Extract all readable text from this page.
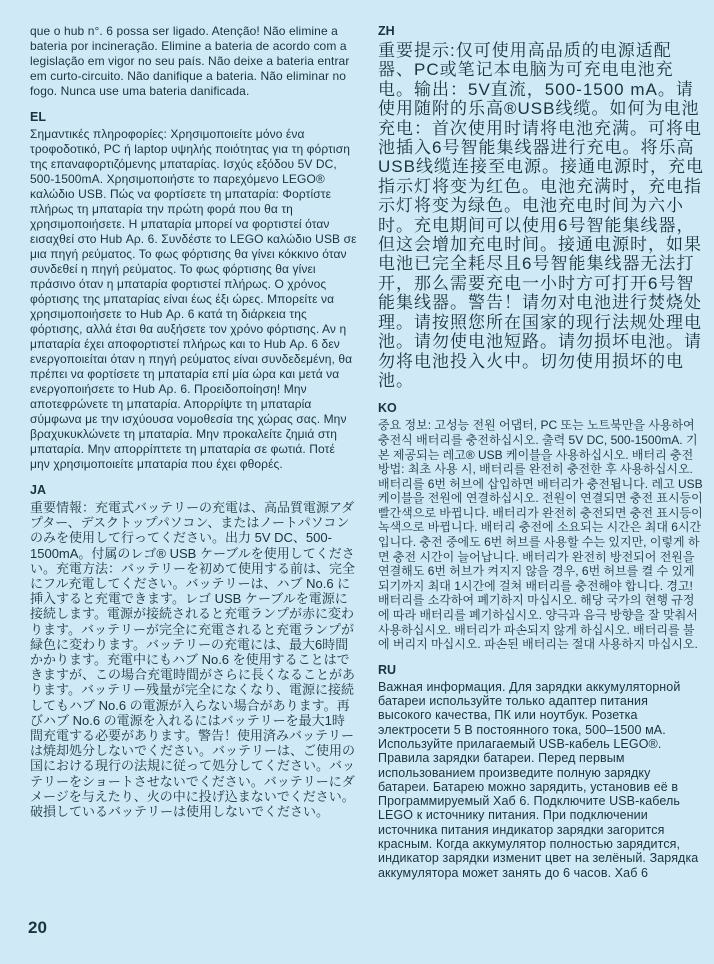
que o hub n°. 6 possa ser ligado. Atenção! Não elimine a bateria por incineração. Elimine a bateria de acordo com a legislação em vigor no seu país. Não deixe a bateria entrar em curto-circuito. Não danifique a bateria. Não eliminar no fogo. Nunca use uma bateria danificada.

EL

Σημαντικές πληροφορίες: Χρησιμοποιείτε μόνο ένα τροφοδοτικό, PC ή laptop υψηλής ποιότητας για τη φόρτιση της επαναφορτιζόμενης μπαταρίας. Ισχύς εξόδου 5V DC, 500-1500mA. Χρησιμοποιήστε το παρεχόμενο LEGO® καλώδιο USB. Πώς να φορτίσετε τη μπαταρία: Φορτίστε πλήρως τη μπαταρία την πρώτη φορά που θα τη χρησιμοποιήσετε. Η μπαταρία μπορεί να φορτιστεί όταν εισαχθεί στο Hub Αρ. 6. Συνδέστε το LEGO καλώδιο USB σε μια πηγή ρεύματος. Το φως φόρτισης θα γίνει κόκκινο όταν συνδεθεί η πηγή ρεύματος. Το φως φόρτισης θα γίνει πράσινο όταν η μπαταρία φορτιστεί πλήρως. Ο χρόνος φόρτισης της μπαταρίας είναι έως έξι ώρες. Μπορείτε να χρησιμοποιήσετε το Hub Αρ. 6 κατά τη διάρκεια της φόρτισης, αλλά έτσι θα αυξήσετε τον χρόνο φόρτισης. Αν η μπαταρία έχει αποφορτιστεί πλήρως και το Hub Αρ. 6 δεν ενεργοποιείται όταν η πηγή ρεύματος είναι συνδεδεμένη, θα πρέπει να φορτίσετε τη μπαταρία επί μία ώρα και μετά να ενεργοποιήσετε το Hub Αρ. 6. Προειδοποίηση! Μην αποτεφρώνετε τη μπαταρία. Απορρίψτε τη μπαταρία σύμφωνα με την ισχύουσα νομοθεσία της χώρας σας. Μην βραχυκυκλώνετε τη μπαταρία. Μην προκαλείτε ζημιά στη μπαταρία. Μην απορρίπτετε τη μπαταρία σε φωτιά. Ποτέ μην χρησιμοποιείτε μπαταρία που έχει φθορές.

JA

重要情報：充電式バッテリーの充電は、高品質電源アダプター、デスクトップパソコン、またはノートパソコンのみを使用して行ってください。出力 5V DC、500- 1500mA。付属のレゴ® USB ケーブルを使用してください。充電方法：バッテリーを初めて使用する前は、完全にフル充電してください。バッテリーは、ハブ No.6 に挿入すると充電できます。レゴ USB ケーブルを電源に接続します。電源が接続されると充電ランプが赤に変わります。バッテリーが完全に充電されると充電ランプが緑色に変わります。バッテリーの充電には、最大6時間かかります。充電中にもハブ No.6 を使用することはできますが、この場合充電時間がさらに長くなることがあります。バッテリー残量が完全になくなり、電源に接続してもハブ No.6 の電源が入らない場合があります。再びハブ No.6 の電源を入れるにはバッテリーを最大1時間充電する必要があります。警告！使用済みバッテリーは焼却処分しないでください。バッテリーは、ご使用の国における現行の法規に従って処分してください。バッテリーをショートさせないでください。バッテリーにダメージを与えたり、火の中に投げ込まないでください。破損しているバッテリーは使用しないでください。

ZH

重要提示:仅可使用高品质的电源适配器、PC或笔记本电脑为可充电电池充电。输出：5V直流，500-1500 mA。请使用随附的乐高®USB线缆。如何为电池充电：首次使用时请将电池充满。可将电池插入6号智能集线器进行充电。将乐高USB线缆连接至电源。接通电源时，充电指示灯将变为红色。电池充满时，充电指示灯将变为绿色。电池充电时间为六小时。充电期间可以使用6号智能集线器，但这会增加充电时间。接通电源时，如果电池已完全耗尽且6号智能集线器无法打开，那么需要充电一小时方可打开6号智能集线器。警告！请勿对电池进行焚烧处理。请按照您所在国家的现行法规处理电池。请勿使电池短路。请勿损坏电池。请勿将电池投入火中。切勿使用损坏的电池。

KO

중요 정보: 고성능 전원 어댑터, PC 또는 노트북만을 사용하여 충전식 배터리를 충전하십시오. 출력 5V DC, 500-1500mA. 기본 제공되는 레고® USB 케이블을 사용하십시오. 배터리 충전 방법: 최초 사용 시, 배터리를 완전히 충전한 후 사용하십시오. 배터리를 6번 허브에 삽입하면 배터리가 충전됩니다. 레고 USB 케이블을 전원에 연결하십시오. 전원이 연결되면 충전 표시등이 빨간색으로 바뀝니다. 배터리가 완전히 충전되면 충전 표시등이 녹색으로 바뀝니다. 배터리 충전에 소요되는 시간은 최대 6시간입니다. 충전 중에도 6번 허브를 사용할 수는 있지만, 이렇게 하면 충전 시간이 늘어납니다. 배터리가 완전히 방전되어 전원을 연결해도 6번 허브가 켜지지 않을 경우, 6번 허브를 켤 수 있게 되기까지 최대 1시간에 걸쳐 배터리를 충전해야 합니다. 경고! 배터리를 소각하여 폐기하지 마십시오. 해당 국가의 현행 규정에 따라 배터리를 폐기하십시오. 양극과 음극 방향을 잘 맞춰서 사용하십시오. 배터리가 파손되지 않게 하십시오. 배터리를 불에 버리지 마십시오. 파손된 배터리는 절대 사용하지 마십시오.

RU

Важная информация. Для зарядки аккумуляторной батареи используйте только адаптер питания высокого качества, ПК или ноутбук. Розетка электросети 5 В постоянного тока, 500–1500 мА. Используйте прилагаемый USB-кабель LEGO®. Правила зарядки батареи. Перед первым использованием произведите полную зарядку батареи. Батарею можно зарядить, установив её в Программируемый Хаб 6. Подключите USB-кабель LEGO к источнику питания. При подключении источника питания индикатор зарядки загорится красным. Когда аккумулятор полностью зарядится, индикатор зарядки изменит цвет на зелёный. Зарядка аккумулятора может занять до 6 часов. Хаб 6

20
